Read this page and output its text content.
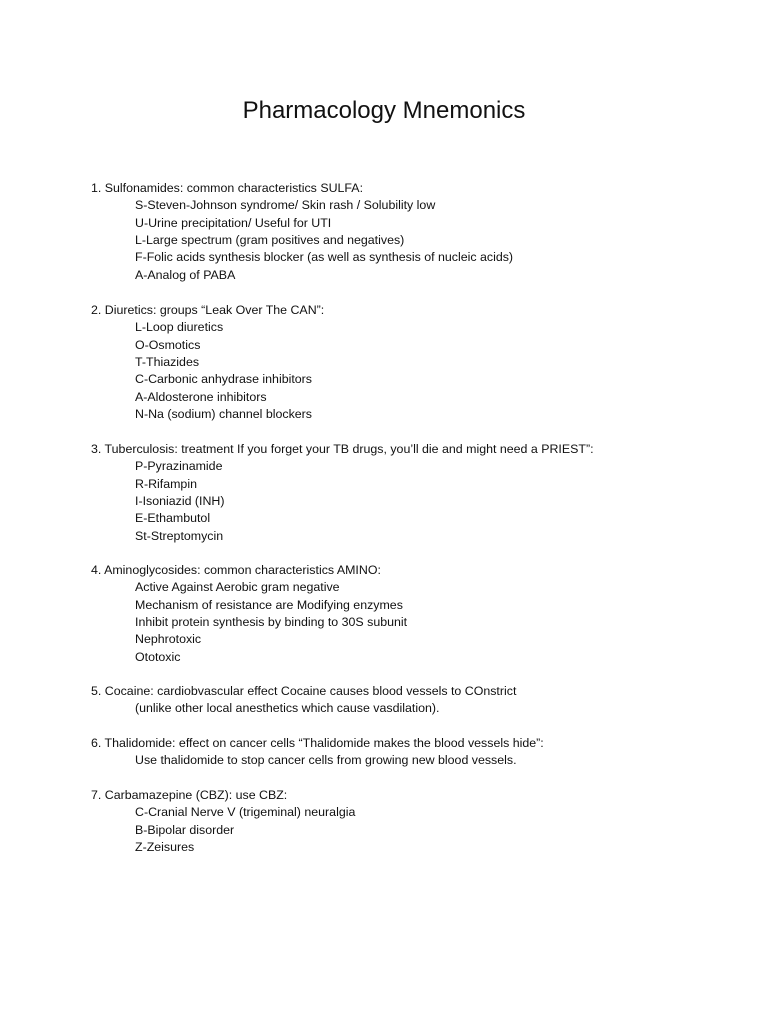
Pharmacology Mnemonics
1. Sulfonamides: common characteristics SULFA:
S-Steven-Johnson syndrome/ Skin rash / Solubility low
U-Urine precipitation/ Useful for UTI
L-Large spectrum (gram positives and negatives)
F-Folic acids synthesis blocker (as well as synthesis of nucleic acids)
A-Analog of PABA
2. Diuretics: groups “Leak Over The CAN”:
L-Loop diuretics
O-Osmotics
T-Thiazides
C-Carbonic anhydrase inhibitors
A-Aldosterone inhibitors
N-Na (sodium) channel blockers
3. Tuberculosis: treatment If you forget your TB drugs, you’ll die and might need a PRIEST”:
P-Pyrazinamide
R-Rifampin
I-Isoniazid (INH)
E-Ethambutol
St-Streptomycin
4. Aminoglycosides: common characteristics AMINO:
Active Against Aerobic gram negative
Mechanism of resistance are Modifying enzymes
Inhibit protein synthesis by binding to 30S subunit
Nephrotoxic
Ototoxic
5. Cocaine: cardiobvascular effect Cocaine causes blood vessels to COnstrict
(unlike other local anesthetics which cause vasdilation).
6. Thalidomide: effect on cancer cells “Thalidomide makes the blood vessels hide”:
Use thalidomide to stop cancer cells from growing new blood vessels.
7. Carbamazepine (CBZ): use CBZ:
C-Cranial Nerve V (trigeminal) neuralgia
B-Bipolar disorder
Z-Zeisures
